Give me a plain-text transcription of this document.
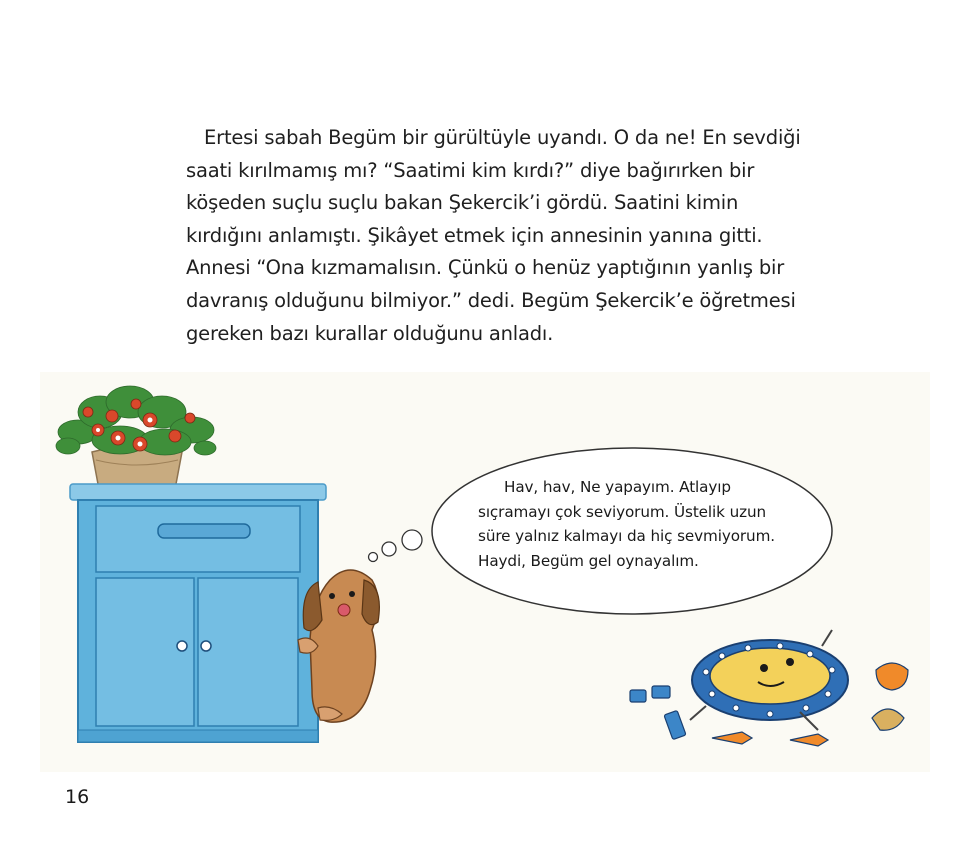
Ertesi sabah Begüm bir gürültüyle uyandı. O da ne! En sevdiği
saati kırılmamış mı? “Saatimi kim kırdı?” diye bağırırken bir
köşeden suçlu suçlu bakan Şekercik’i gördü. Saatini kimin
kırdığını anlamıştı. Şikâyet etmek için annesinin yanına gitti.
Annesi “Ona kızmamalısın. Çünkü o henüz yaptığının yanlış bir
davranış olduğunu bilmiyor.” dedi. Begüm Şekercik’e öğretmesi
gereken bazı kurallar olduğunu anladı.
Hav, hav, Ne yapayım. Atlayıp
sıçramayı çok seviyorum. Üstelik uzun
süre yalnız kalmayı da hiç sevmiyorum.
Haydi, Begüm gel oynayalım.
16
